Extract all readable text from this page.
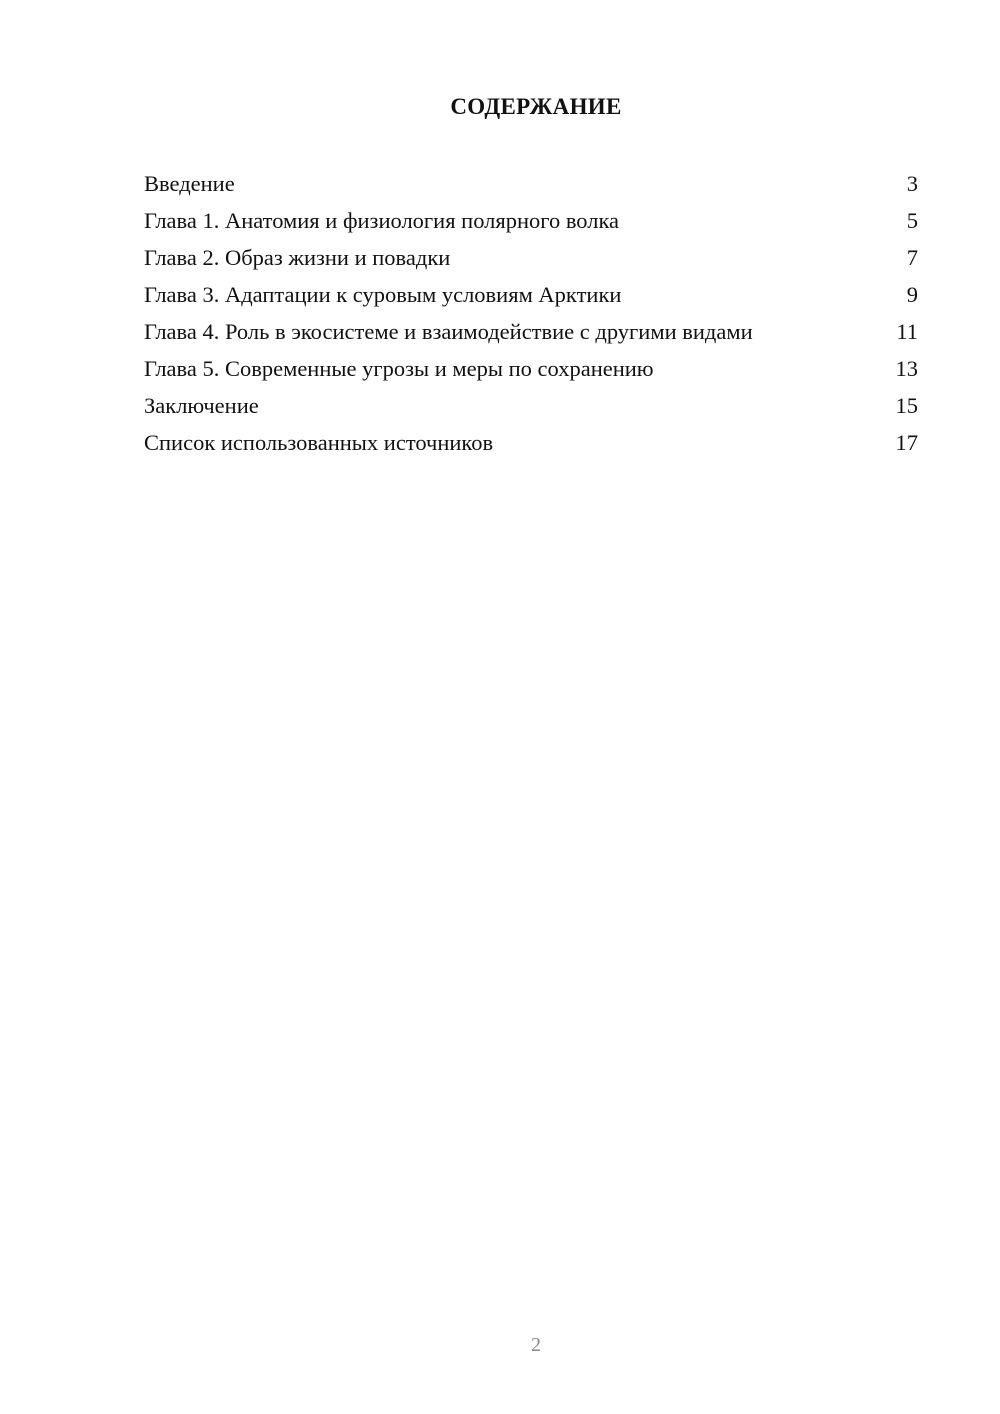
СОДЕРЖАНИЕ
Введение	3
Глава 1. Анатомия и физиология полярного волка	5
Глава 2. Образ жизни и повадки	7
Глава 3. Адаптации к суровым условиям Арктики	9
Глава 4. Роль в экосистеме и взаимодействие с другими видами	11
Глава 5. Современные угрозы и меры по сохранению	13
Заключение	15
Список использованных источников	17
2
